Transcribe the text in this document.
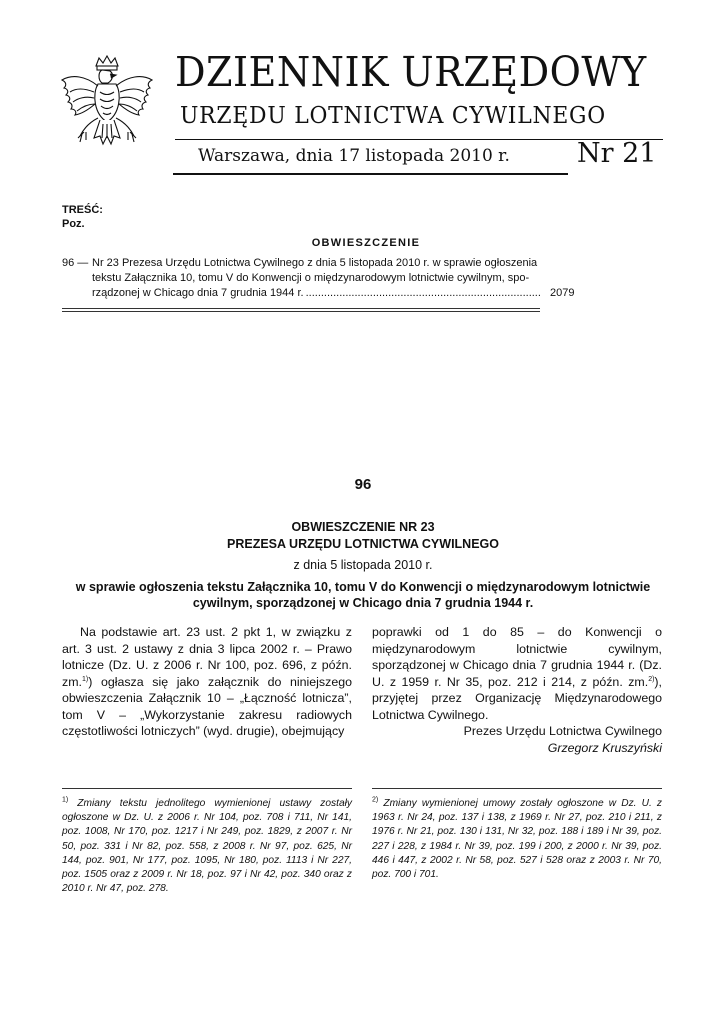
DZIENNIK URZĘDOWY
URZĘDU LOTNICTWA CYWILNEGO
Warszawa, dnia 17 listopada 2010 r. Nr 21
TREŚĆ:
Poz.
OBWIESZCZENIE
96 — Nr 23 Prezesa Urzędu Lotnictwa Cywilnego z dnia 5 listopada 2010 r. w sprawie ogłoszenia
tekstu Załącznika 10, tomu V do Konwencji o międzynarodowym lotnictwie cywilnym, spo-
rządzonej w Chicago dnia 7 grudnia 1944 r. .....	2079
96
OBWIESZCZENIE NR 23
PREZESA URZĘDU LOTNICTWA CYWILNEGO
z dnia 5 listopada 2010 r.
w sprawie ogłoszenia tekstu Załącznika 10, tomu V do Konwencji o międzynarodowym lotnictwie
cywilnym, sporządzonej w Chicago dnia 7 grudnia 1944 r.
Na podstawie art. 23 ust. 2 pkt 1, w związku z art. 3 ust. 2 ustawy z dnia 3 lipca 2002 r. – Prawo lotnicze (Dz. U. z 2006 r. Nr 100, poz. 696, z późn. zm.$^{1)}$) ogłasza się jako załącznik do niniejszego obwieszczenia Załącznik 10 – „Łączność lotnicza”, tom V – „Wykorzystanie zakresu radiowych częstotliwości lotniczych” (wyd. drugie), obejmujący
poprawki od 1 do 85 – do Konwencji o międzynarodowym lotnictwie cywilnym, sporządzonej w Chicago dnia 7 grudnia 1944 r. (Dz. U. z 1959 r. Nr 35, poz. 212 i 214, z późn. zm.$^{2)}$), przyjętej przez Organizację Międzynarodowego Lotnictwa Cywilnego.
Prezes Urzędu Lotnictwa Cywilnego
Grzegorz Kruszyński
$^{1)}$ Zmiany tekstu jednolitego wymienionej ustawy zostały ogłoszone w Dz. U. z 2006 r. Nr 104, poz. 708 i 711, Nr 141, poz. 1008, Nr 170, poz. 1217 i Nr 249, poz. 1829, z 2007 r. Nr 50, poz. 331 i Nr 82, poz. 558, z 2008 r. Nr 97, poz. 625, Nr 144, poz. 901, Nr 177, poz. 1095, Nr 180, poz. 1113 i Nr 227, poz. 1505 oraz z 2009 r. Nr 18, poz. 97 i Nr 42, poz. 340 oraz z 2010 r. Nr 47, poz. 278.
$^{2)}$ Zmiany wymienionej umowy zostały ogłoszone w Dz. U. z 1963 r. Nr 24, poz. 137 i 138, z 1969 r. Nr 27, poz. 210 i 211, z 1976 r. Nr 21, poz. 130 i 131, Nr 32, poz. 188 i 189 i Nr 39, poz. 227 i 228, z 1984 r. Nr 39, poz. 199 i 200, z 2000 r. Nr 39, poz. 446 i 447, z 2002 r. Nr 58, poz. 527 i 528 oraz z 2003 r. Nr 70, poz. 700 i 701.
